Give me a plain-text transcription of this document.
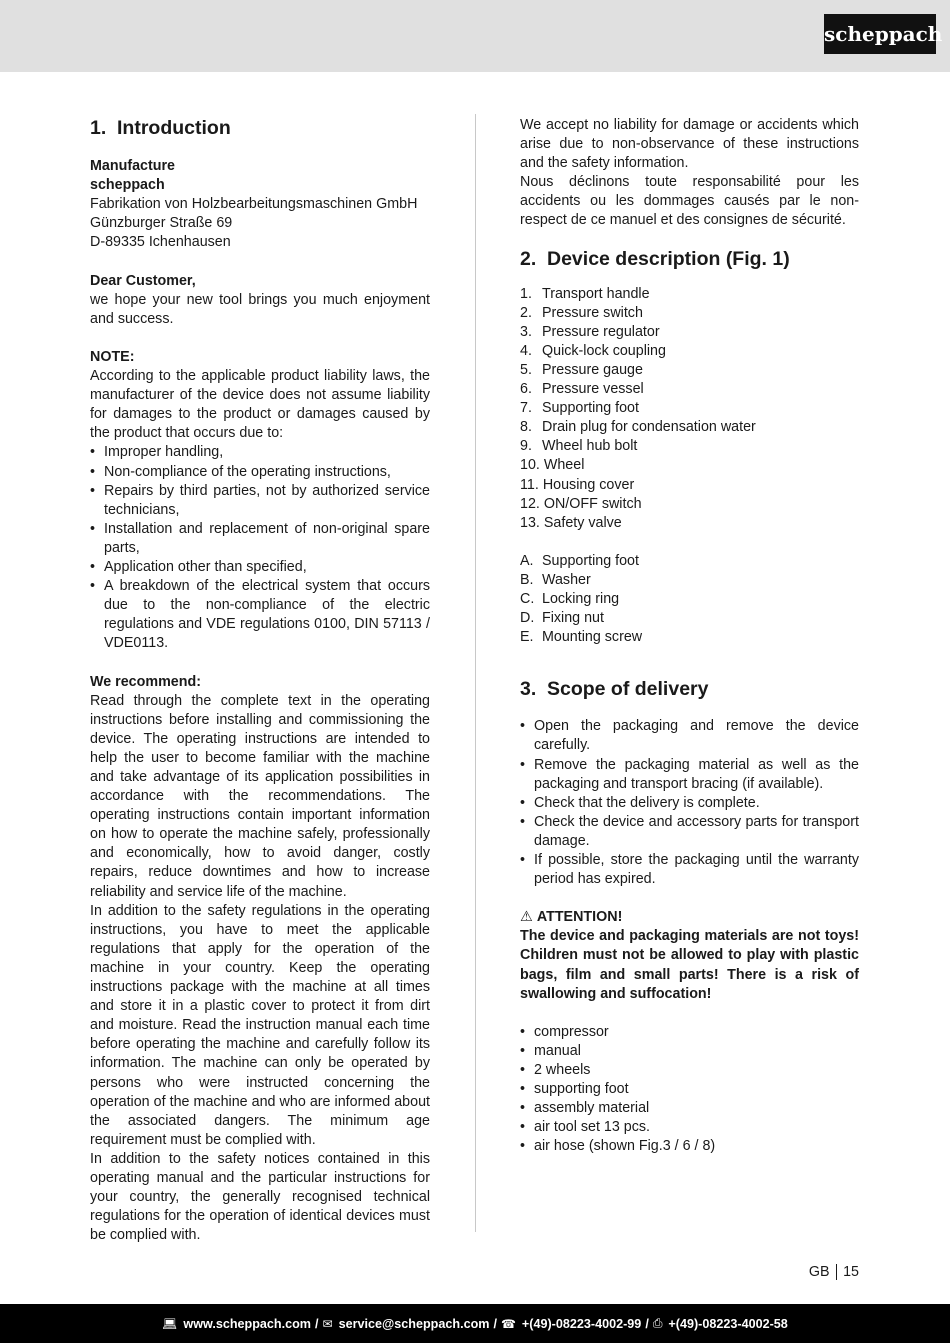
scheppach
1. Introduction

Manufacture

scheppach

Fabrikation von Holzbearbeitungsmaschinen GmbH

Günzburger Straße 69

D-89335 Ichenhausen

Dear Customer,

we hope your new tool brings you much enjoyment and success.

NOTE:

According to the applicable product liability laws, the manufacturer of the device does not assume liability for damages to the product or damages caused by the product that occurs due to:

• Improper handling,
• Non-compliance of the operating instructions,
• Repairs by third parties, not by authorized service technicians,
• Installation and replacement of non-original spare parts,
• Application other than specified,
• A breakdown of the electrical system that occurs due to the non-compliance of the electric regulations and VDE regulations 0100, DIN 57113 / VDE0113.

We recommend:

Read through the complete text in the operating instructions before installing and commissioning the device. The operating instructions are intended to help the user to become familiar with the machine and take advantage of its application possibilities in accordance with the recommendations. The operating instructions contain important information on how to operate the machine safely, professionally and economically, how to avoid danger, costly repairs, reduce downtimes and how to increase reliability and service life of the machine.

In addition to the safety regulations in the operating instructions, you have to meet the applicable regulations that apply for the operation of the machine in your country. Keep the operating instructions package with the machine at all times and store it in a plastic cover to protect it from dirt and moisture. Read the instruction manual each time before operating the machine and carefully follow its information. The machine can only be operated by persons who were instructed concerning the operation of the machine and who are informed about the associated dangers. The minimum age requirement must be complied with.

In addition to the safety notices contained in this operating manual and the particular instructions for your country, the generally recognised technical regulations for the operation of identical devices must be complied with.

We accept no liability for damage or accidents which arise due to non-observance of these instructions and the safety information.

Nous déclinons toute responsabilité pour les accidents ou les dommages causés par le non-respect de ce manuel et des consignes de sécurité.

2. Device description (Fig. 1)
1. Transport handle
2. Pressure switch
3. Pressure regulator
4. Quick-lock coupling
5. Pressure gauge
6. Pressure vessel
7. Supporting foot
8. Drain plug for condensation water
9. Wheel hub bolt
10.
Wheel
11.
Housing cover
12.
ON/OFF switch
13.
Safety valve
A. Supporting foot
B. Washer
C. Locking ring
D. Fixing nut
E. Mounting screw
3. Scope of delivery
• Open the packaging and remove the device carefully.
• Remove the packaging material as well as the packaging and transport bracing (if available).
• Check that the delivery is complete.
• Check the device and accessory parts for transport damage.
• If possible, store the packaging until the warranty period has expired.
⚠ ATTENTION!

The device and packaging materials are not toys! Children must not be allowed to play with plastic bags, film and small parts! There is a risk of swallowing and suffocation!

• compressor
• manual
• 2 wheels
• supporting foot
• assembly material
• air tool set 13 pcs.
• air hose (shown Fig.3 / 6 / 8)
GB 15
💻︎ www.scheppach.com / ✉︎ service@scheppach.com / ☎ +(49)-08223-4002-99 / ⎙ +(49)-08223-4002-58
